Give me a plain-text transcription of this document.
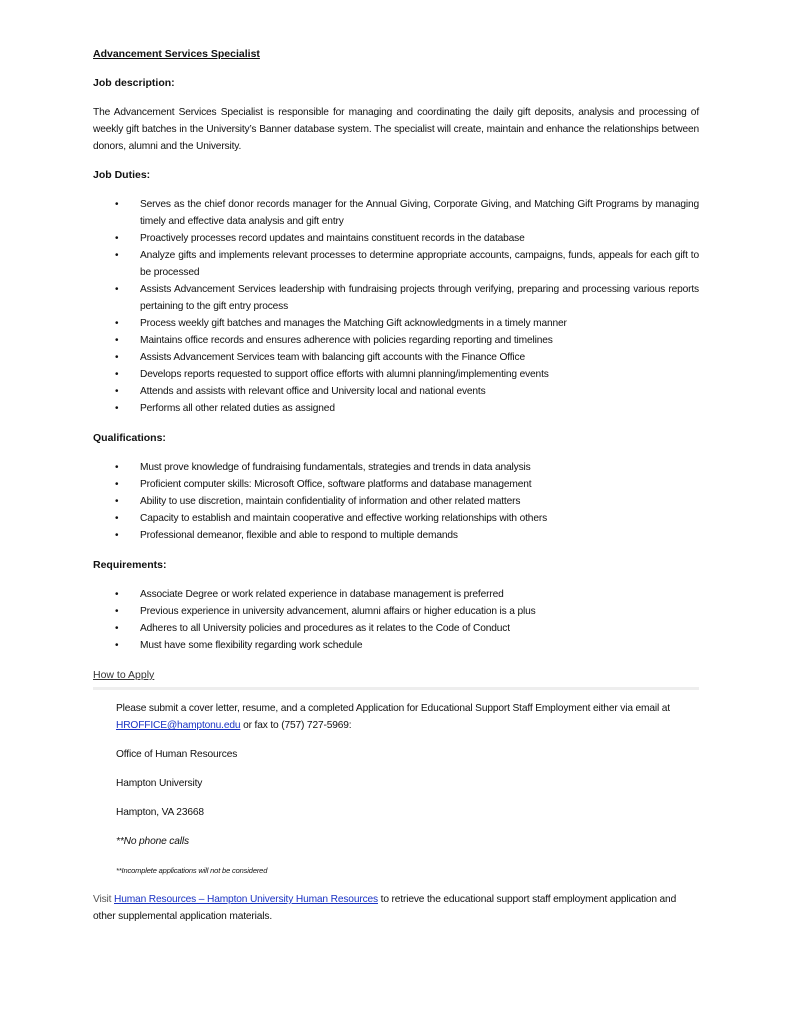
Advancement Services Specialist

Job description:

The Advancement Services Specialist is responsible for managing and coordinating the daily gift deposits, analysis and processing of weekly gift batches in the University’s Banner database system. The specialist will create, maintain and enhance the relationships between donors, alumni and the University.

Job Duties:

• Serves as the chief donor records manager for the Annual Giving, Corporate Giving, and Matching Gift Programs by managing timely and effective data analysis and gift entry
• Proactively processes record updates and maintains constituent records in the database
• Analyze gifts and implements relevant processes to determine appropriate accounts, campaigns, funds, appeals for each gift to be processed
• Assists Advancement Services leadership with fundraising projects through verifying, preparing and processing various reports pertaining to the gift entry process
• Process weekly gift batches and manages the Matching Gift acknowledgments in a timely manner
• Maintains office records and ensures adherence with policies regarding reporting and timelines
• Assists Advancement Services team with balancing gift accounts with the Finance Office
• Develops reports requested to support office efforts with alumni planning/implementing events
• Attends and assists with relevant office and University local and national events
• Performs all other related duties as assigned

Qualifications:

• Must prove knowledge of fundraising fundamentals, strategies and trends in data analysis
• Proficient computer skills: Microsoft Office, software platforms and database management
• Ability to use discretion, maintain confidentiality of information and other related matters
• Capacity to establish and maintain cooperative and effective working relationships with others
• Professional demeanor, flexible and able to respond to multiple demands

Requirements:

• Associate Degree or work related experience in database management is preferred
• Previous experience in university advancement, alumni affairs or higher education is a plus
• Adheres to all University policies and procedures as it relates to the Code of Conduct
• Must have some flexibility regarding work schedule

How to Apply

Please submit a cover letter, resume, and a completed Application for Educational Support Staff Employment either via email at HROFFICE@hamptonu.edu or fax to (757) 727-5969:

Office of Human Resources

Hampton University

Hampton, VA 23668

**No phone calls

**Incomplete applications will not be considered

Visit Human Resources – Hampton University Human Resources to retrieve the educational support staff employment application and other supplemental application materials.
